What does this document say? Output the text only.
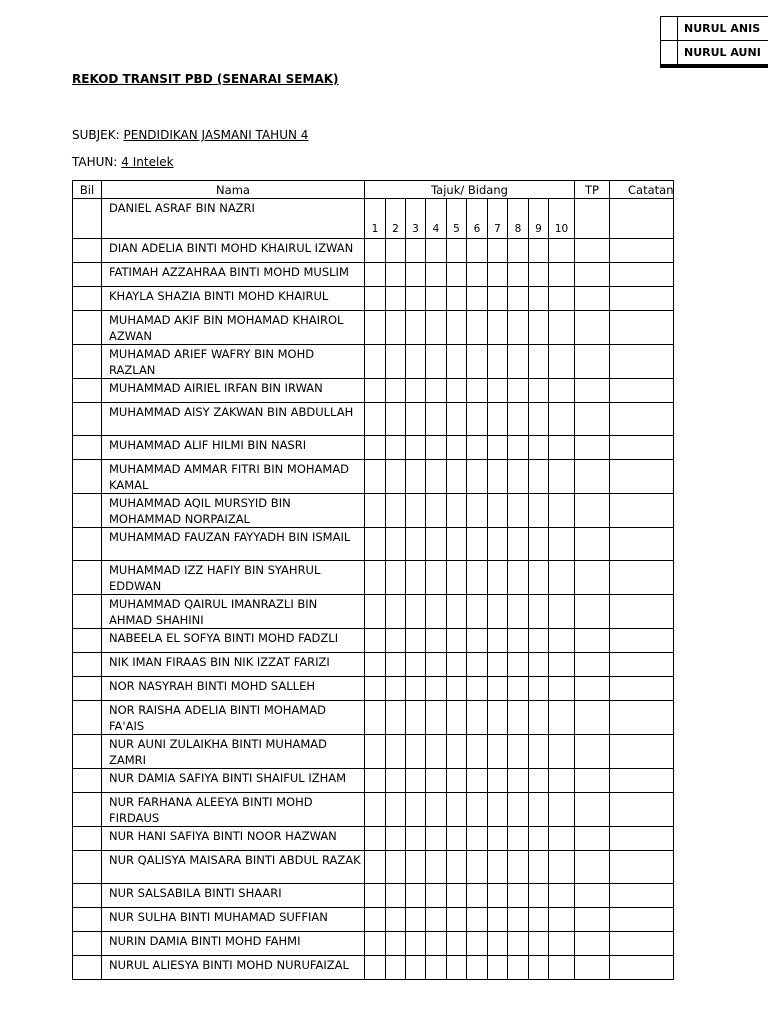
	NURUL ANIS
	NURUL AUNI
REKOD TRANSIT PBD (SENARAI SEMAK)
SUBJEK: PENDIDIKAN JASMANI TAHUN 4
TAHUN: 4 Intelek
Bil	Nama	Tajuk/ Bidang										TP	Catatan
	DANIEL ASRAF BIN NAZRI	1	2	3	4	5	6	7	8	9	10		
	DIAN ADELIA BINTI MOHD KHAIRUL IZWAN												
	FATIMAH AZZAHRAA BINTI MOHD MUSLIM												
	KHAYLA SHAZIA BINTI MOHD KHAIRUL												
	MUHAMAD AKIF BIN MOHAMAD KHAIROL AZWAN												
	MUHAMAD ARIEF WAFRY BIN MOHD RAZLAN												
	MUHAMMAD AIRIEL IRFAN BIN IRWAN												
	MUHAMMAD AISY ZAKWAN BIN ABDULLAH												
	MUHAMMAD ALIF HILMI BIN NASRI												
	MUHAMMAD AMMAR FITRI BIN MOHAMAD KAMAL												
	MUHAMMAD AQIL MURSYID BIN MOHAMMAD NORPAIZAL												
	MUHAMMAD FAUZAN FAYYADH BIN ISMAIL												
	MUHAMMAD IZZ HAFIY BIN SYAHRUL EDDWAN												
	MUHAMMAD QAIRUL IMANRAZLI BIN AHMAD SHAHINI												
	NABEELA EL SOFYA BINTI MOHD FADZLI												
	NIK IMAN FIRAAS BIN NIK IZZAT FARIZI												
	NOR NASYRAH BINTI MOHD SALLEH												
	NOR RAISHA ADELIA BINTI MOHAMAD FA'AIS												
	NUR AUNI ZULAIKHA BINTI MUHAMAD ZAMRI												
	NUR DAMIA SAFIYA BINTI SHAIFUL IZHAM												
	NUR FARHANA ALEEYA BINTI MOHD FIRDAUS												
	NUR HANI SAFIYA BINTI NOOR HAZWAN												
	NUR QALISYA MAISARA BINTI ABDUL RAZAK												
	NUR SALSABILA BINTI SHAARI												
	NUR SULHA BINTI MUHAMAD SUFFIAN												
	NURIN DAMIA BINTI MOHD FAHMI												
	NURUL ALIESYA BINTI MOHD NURUFAIZAL												
